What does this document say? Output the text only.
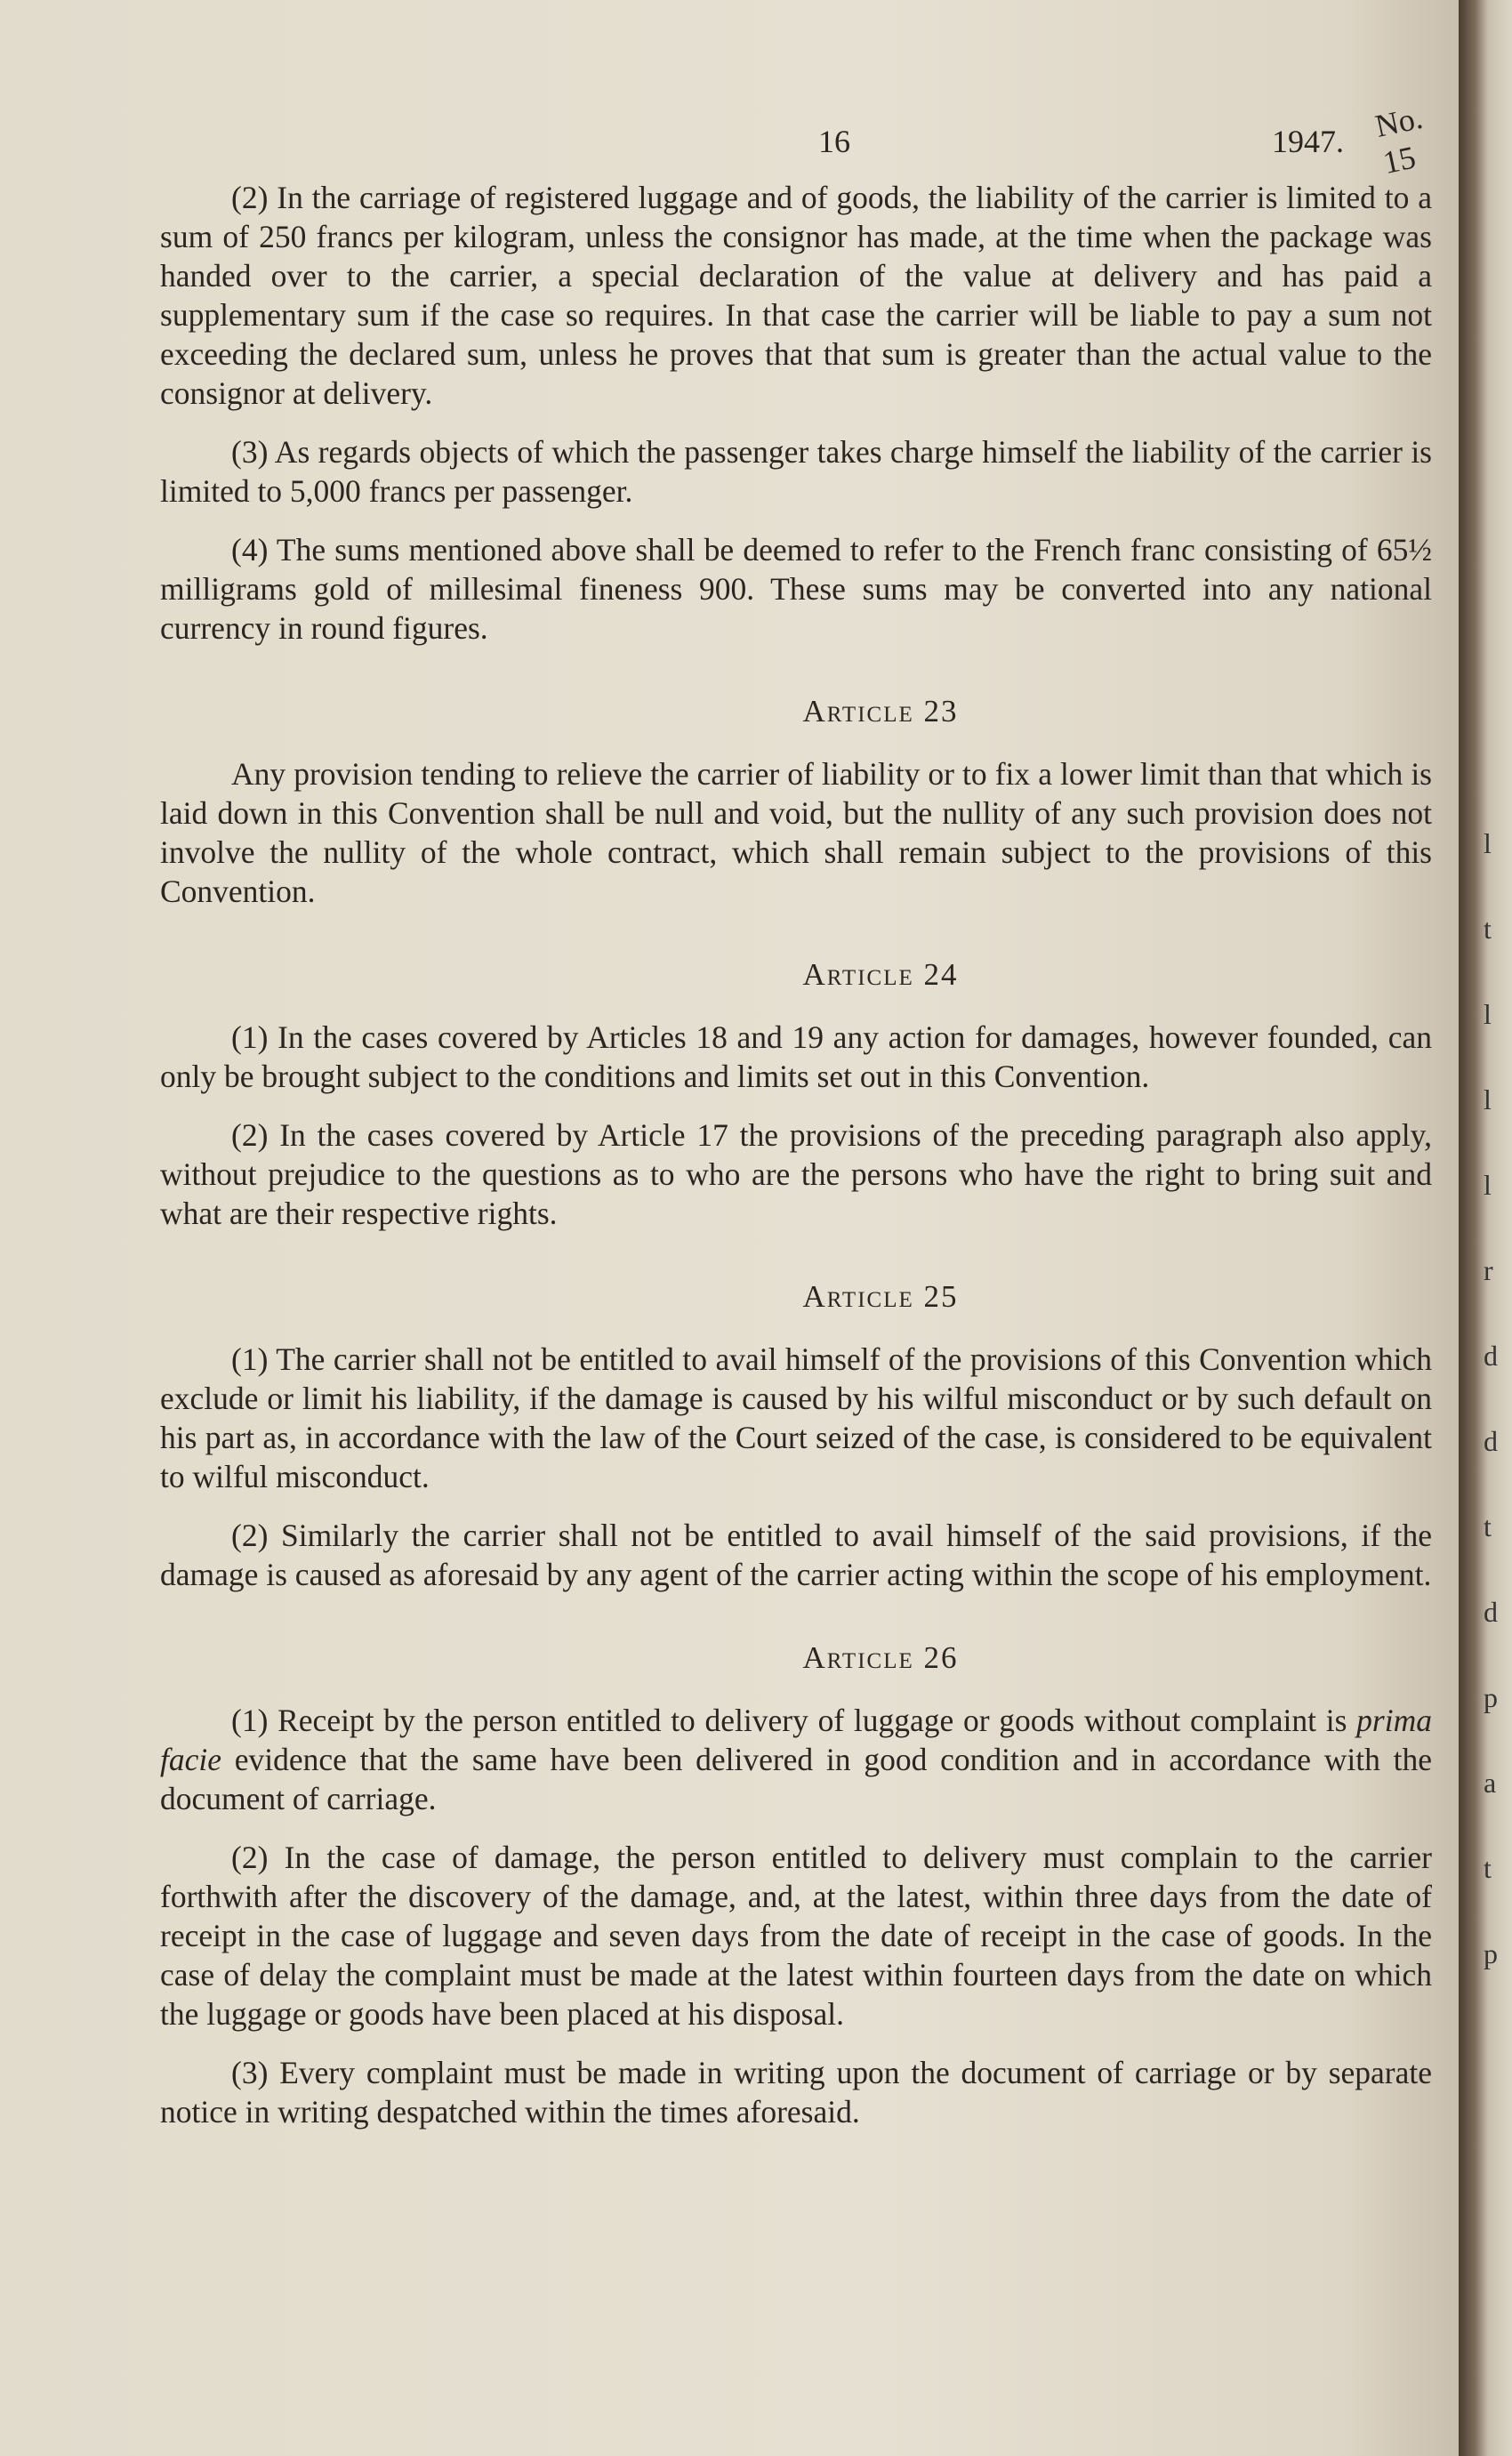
16	1947. No. 15

(2) In the carriage of registered luggage and of goods, the liability of the carrier is limited to a sum of 250 francs per kilogram, unless the consignor has made, at the time when the package was handed over to the carrier, a special declaration of the value at delivery and has paid a supplementary sum if the case so requires. In that case the carrier will be liable to pay a sum not exceeding the declared sum, unless he proves that that sum is greater than the actual value to the consignor at delivery.

(3) As regards objects of which the passenger takes charge himself the liability of the carrier is limited to 5,000 francs per passenger.

(4) The sums mentioned above shall be deemed to refer to the French franc consisting of 65½ milligrams gold of millesimal fineness 900. These sums may be converted into any national currency in round figures.

Article 23

Any provision tending to relieve the carrier of liability or to fix a lower limit than that which is laid down in this Convention shall be null and void, but the nullity of any such provision does not involve the nullity of the whole contract, which shall remain subject to the provisions of this Convention.

Article 24

(1) In the cases covered by Articles 18 and 19 any action for damages, however founded, can only be brought subject to the conditions and limits set out in this Convention.

(2) In the cases covered by Article 17 the provisions of the preceding paragraph also apply, without prejudice to the questions as to who are the persons who have the right to bring suit and what are their respective rights.

Article 25

(1) The carrier shall not be entitled to avail himself of the provisions of this Convention which exclude or limit his liability, if the damage is caused by his wilful misconduct or by such default on his part as, in accordance with the law of the Court seized of the case, is considered to be equivalent to wilful misconduct.

(2) Similarly the carrier shall not be entitled to avail himself of the said provisions, if the damage is caused as aforesaid by any agent of the carrier acting within the scope of his employment.

Article 26

(1) Receipt by the person entitled to delivery of luggage or goods without complaint is prima facie evidence that the same have been delivered in good condition and in accordance with the document of carriage.

(2) In the case of damage, the person entitled to delivery must complain to the carrier forthwith after the discovery of the damage, and, at the latest, within three days from the date of receipt in the case of luggage and seven days from the date of receipt in the case of goods. In the case of delay the complaint must be made at the latest within fourteen days from the date on which the luggage or goods have been placed at his disposal.

(3) Every complaint must be made in writing upon the document of carriage or by separate notice in writing despatched within the times aforesaid.

l
t
l
l
l
r
d
d
t
d
p
a
t
p
